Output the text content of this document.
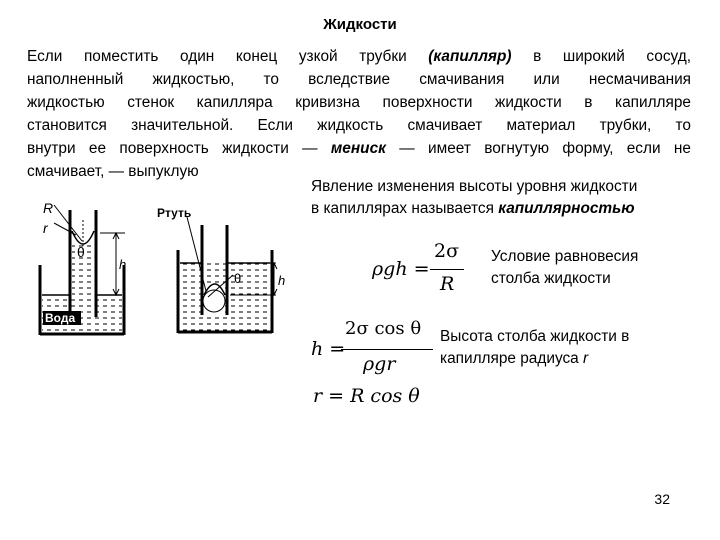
Жидкости
Если поместить один конец узкой трубки (капилляр) в широкий сосуд,
наполненный жидкостью, то вследствие смачивания или несмачивания
жидкостью стенок капилляра кривизна поверхности жидкости в капилляре
становится значительной. Если жидкость смачивает материал трубки, то
внутри ее поверхность жидкости — мениск — имеет вогнутую форму, если не
смачивает, — выпуклую
Явление изменения высоты уровня жидкости
в капиллярах называется капиллярностью
R
r
θ
h
Вода
Ртуть
θ	h
ρgh =
2σ
R
Условие равновесия
столба жидкости
h =
2σ cos θ
ρgr
Высота столба жидкости в
капилляре радиуса r
r = R cos θ
32
